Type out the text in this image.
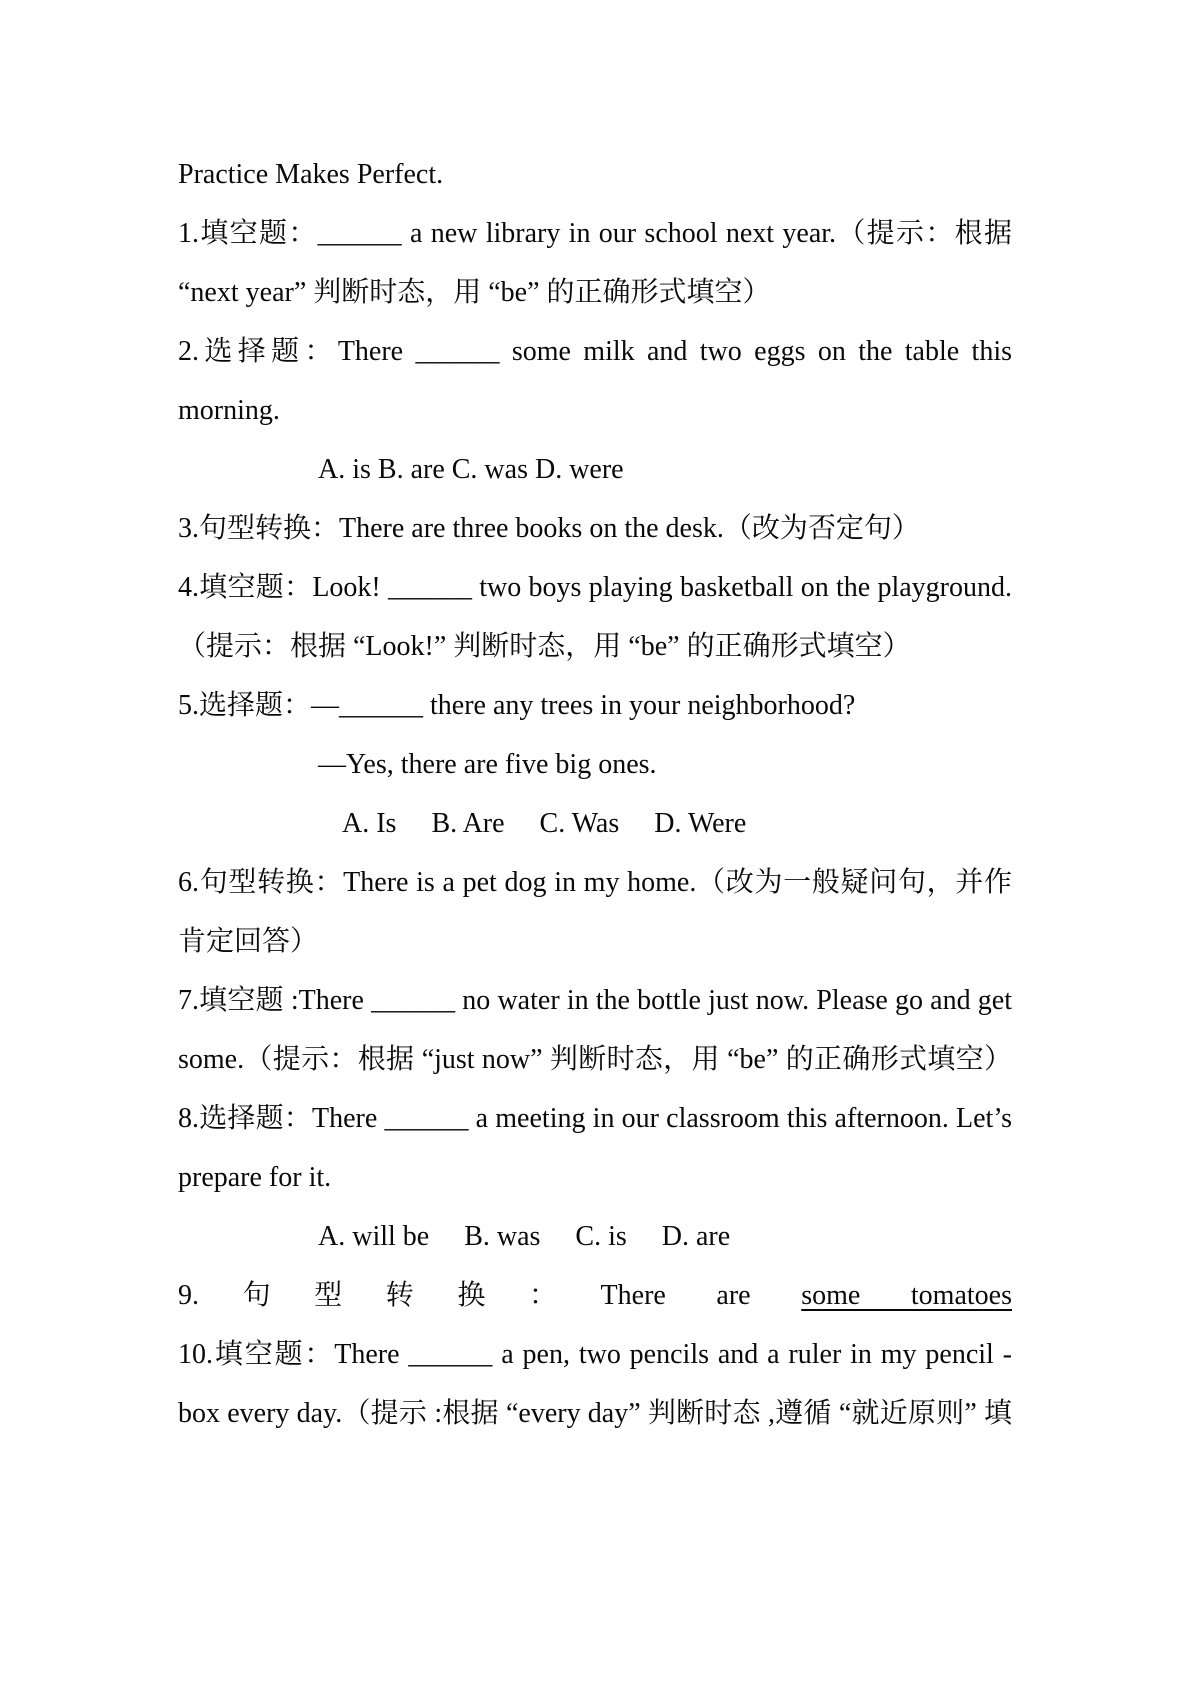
Practice Makes Perfect.
1.填空题：______ a new library in our school next year.（提示：根据
“next year” 判断时态，用 “be” 的正确形式填空）
2.选择题：There ______ some milk and two eggs on the table this
morning.
A. is B. are C. was D. were
3.句型转换：There are three books on the desk.（改为否定句）
4.填空题：Look! ______ two boys playing basketball on the playground.
（提示：根据 “Look!” 判断时态，用 “be” 的正确形式填空）
5.选择题：—______ there any trees in your neighborhood?
—Yes, there are five big ones.
A. Is     B. Are     C. Was     D. Were
6.句型转换：There is a pet dog in my home.（改为一般疑问句，并作
肯定回答）
7.填空题 :There ______ no water in the bottle just now. Please go and get
some.（提示：根据 “just now” 判断时态，用 “be” 的正确形式填空）
8.选择题：There ______ a meeting in our classroom this afternoon. Let’s
prepare for it.
A. will be     B. was     C. is     D. are
9.句型转换：There are some tomatoes
10.填空题：There ______ a pen, two pencils and a ruler in my pencil -
box every day.（提示 :根据 “every day” 判断时态 ,遵循 “就近原则” 填
